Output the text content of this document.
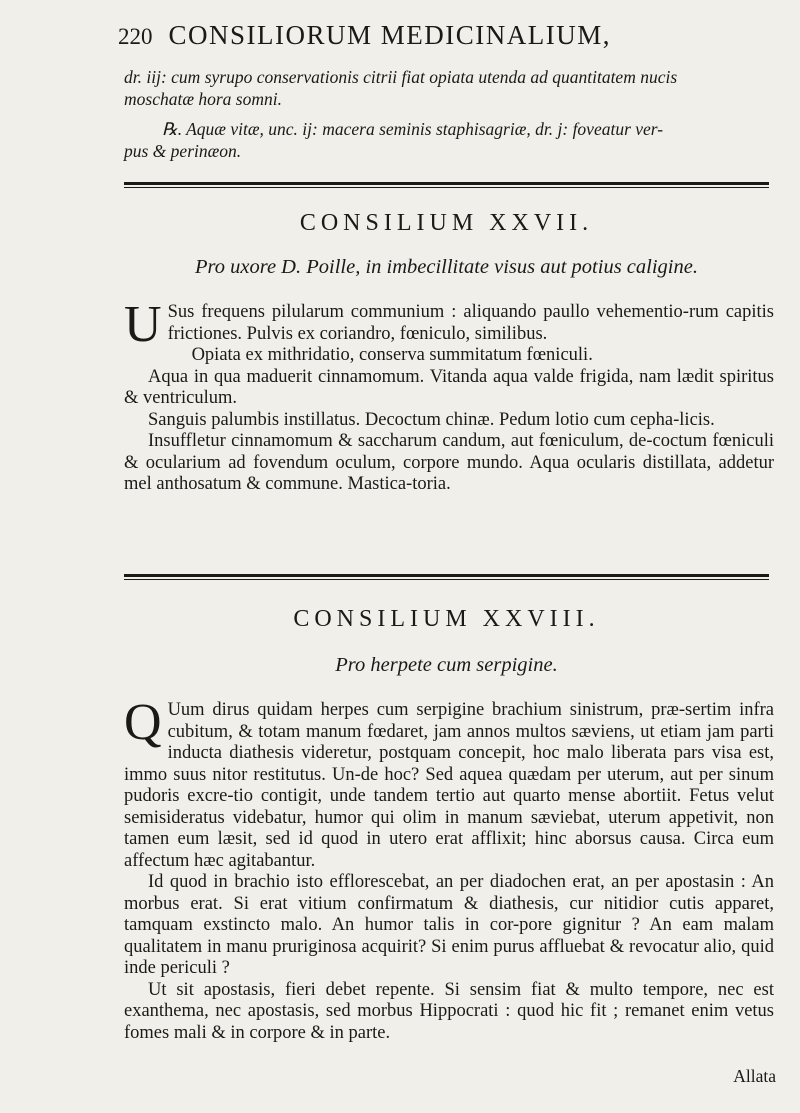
220 CONSILIORUM MEDICINALIUM,
dr. iij: cum syrupo conservationis citrii fiat opiata utenda ad quantitatem nucis
moschatæ hora somni.
℞. Aquæ vitæ, unc. ij: macera seminis staphisagriæ, dr. j: foveatur ver-
pus & perinæon.
CONSILIUM XXVII.
Pro uxore D. Poille, in imbecillitate visus aut potius caligine.

U Sus frequens pilularum communium : aliquando paullo vehementio-rum capitis frictiones. Pulvis ex coriandro, fœniculo, similibus.

Opiata ex mithridatio, conserva summitatum fœniculi.

Aqua in qua maduerit cinnamomum. Vitanda aqua valde frigida, nam lædit spiritus & ventriculum.

Sanguis palumbis instillatus. Decoctum chinæ. Pedum lotio cum cepha-licis.

Insuffletur cinnamomum & saccharum candum, aut fœniculum, de-coctum fœniculi & ocularium ad fovendum oculum, corpore mundo. Aqua ocularis distillata, addetur mel anthosatum & commune. Mastica-toria.

CONSILIUM XXVIII.
Pro herpete cum serpigine.

Q Uum dirus quidam herpes cum serpigine brachium sinistrum, præ-sertim infra cubitum, & totam manum fœdaret, jam annos multos sæviens, ut etiam jam parti inducta diathesis videretur, postquam concepit, hoc malo liberata pars visa est, immo suus nitor restitutus. Un-de hoc? Sed aquea quædam per uterum, aut per sinum pudoris excre-tio contigit, unde tandem tertio aut quarto mense abortiit. Fetus velut semisideratus videbatur, humor qui olim in manum sæviebat, uterum appetivit, non tamen eum læsit, sed id quod in utero erat afflixit; hinc aborsus causa. Circa eum affectum hæc agitabantur.

Id quod in brachio isto efflorescebat, an per diadochen erat, an per apostasin : An morbus erat. Si erat vitium confirmatum & diathesis, cur nitidior cutis apparet, tamquam exstincto malo. An humor talis in cor-pore gignitur ? An eam malam qualitatem in manu pruriginosa acquirit? Si enim purus affluebat & revocatur alio, quid inde periculi ?

Ut sit apostasis, fieri debet repente. Si sensim fiat & multo tempore, nec est exanthema, nec apostasis, sed morbus Hippocrati : quod hic fit ; remanet enim vetus fomes mali & in corpore & in parte.

Allata
